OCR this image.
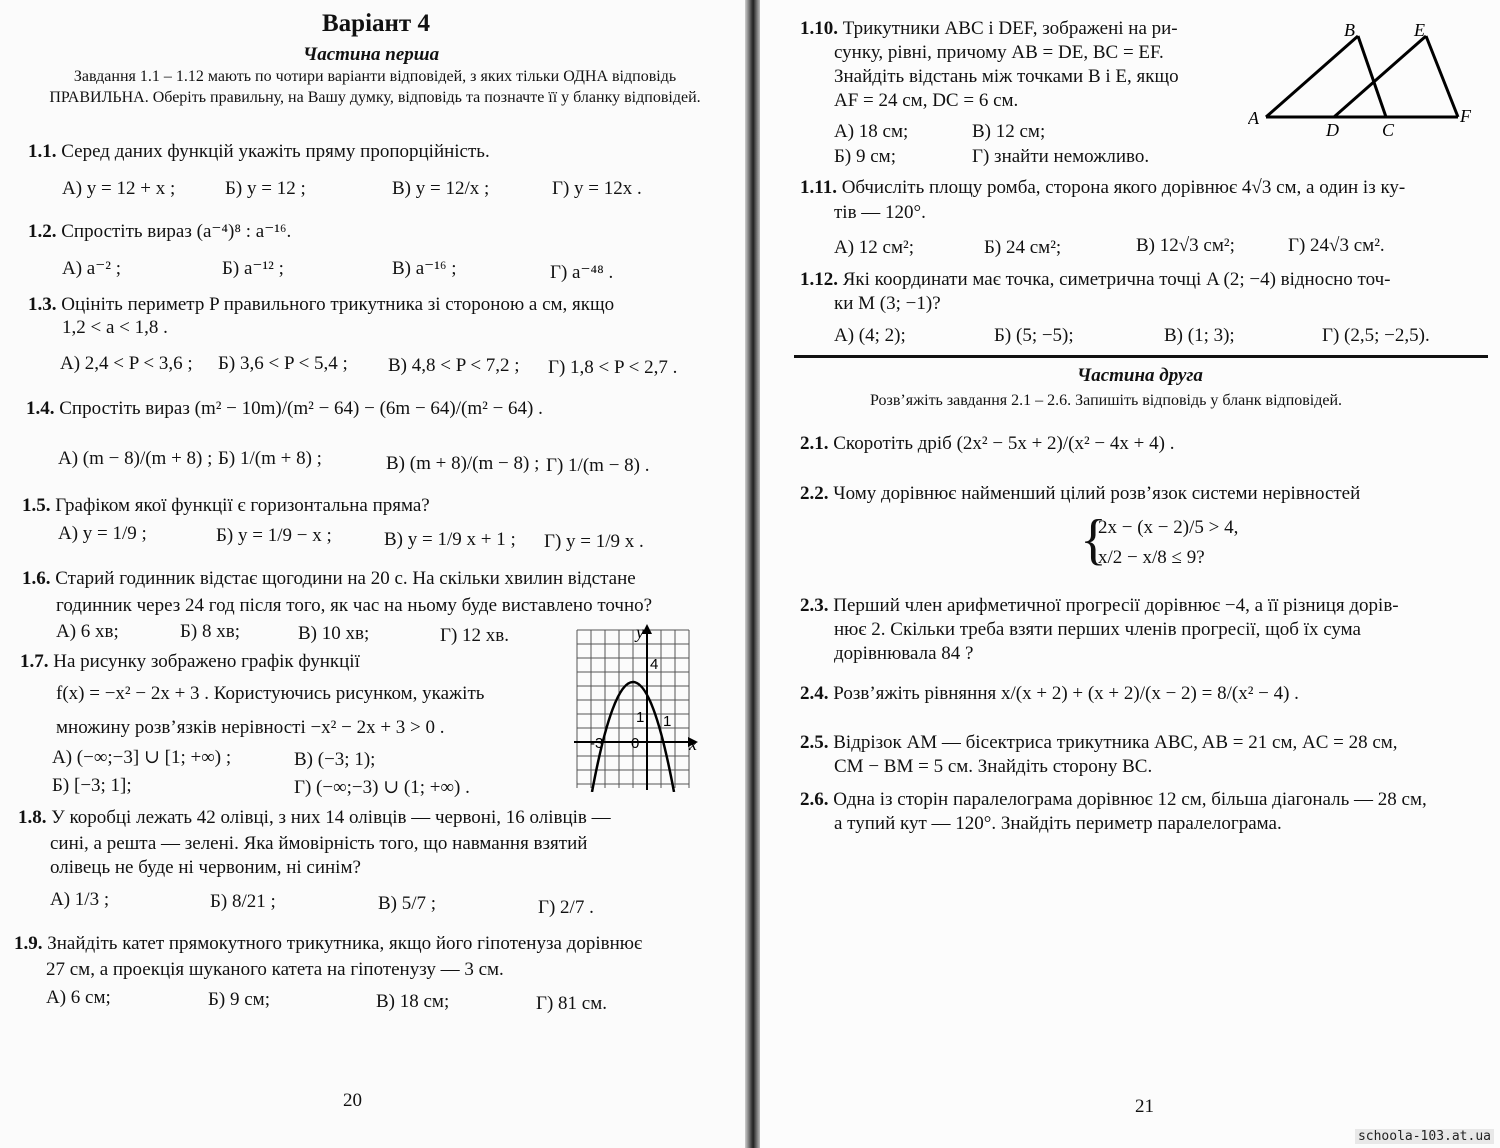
Варіант 4
Частина перша
Завдання 1.1 – 1.12 мають по чотири варіанти відповідей, з яких тільки ОДНА відповідь ПРАВИЛЬНА. Оберіть правильну, на Вашу думку, відповідь та позначте її у бланку відповідей.
1.1. Серед даних функцій укажіть пряму пропорційність.
А) y = 12 + x ;	Б) y = 12 ;	В) y = 12/x ;	Г) y = 12x .
1.2. Спростіть вираз (a⁻⁴)⁸ : a⁻¹⁶.
А) a⁻² ;	Б) a⁻¹² ;	В) a⁻¹⁶ ;	Г) a⁻⁴⁸ .
1.3. Оцініть периметр P правильного трикутника зі стороною a см, якщо
1,2 < a < 1,8 .
А) 2,4 < P < 3,6 ; Б) 3,6 < P < 5,4 ; В) 4,8 < P < 7,2 ; Г) 1,8 < P < 2,7 .
1.4. Спростіть вираз (m² − 10m)/(m² − 64) − (6m − 64)/(m² − 64) .
А) (m − 8)/(m + 8) ; Б) 1/(m + 8) ;	В) (m + 8)/(m − 8) ; Г) 1/(m − 8) .
1.5. Графіком якої функції є горизонтальна пряма?
А) y = 1/9 ;	Б) y = 1/9 − x ;	В) y = 1/9 x + 1 ; Г) y = 1/9 x .
1.6. Старий годинник відстає щогодини на 20 с. На скільки хвилин відстане
годинник через 24 год після того, як час на ньому буде виставлено точно?
А) 6 хв;	Б) 8 хв;	В) 10 хв;	Г) 12 хв.
1.7. На рисунку зображено графік функції
f(x) = −x² − 2x + 3 . Користуючись рисунком, укажіть
множину розв’язків нерівності −x² − 2x + 3 > 0 .
А) (−∞;−3] ∪ [1; +∞) ;	В) (−3; 1);
Б) [−3; 1];	Г) (−∞;−3) ∪ (1; +∞) .
y
x
4
1 1
-3 0
1.8. У коробці лежать 42 олівці, з них 14 олівців — червоні, 16 олівців —
сині, а решта — зелені. Яка ймовірність того, що навмання взятий
олівець не буде ні червоним, ні синім?
А) 1/3 ;	Б) 8/21 ;	В) 5/7 ;	Г) 2/7 .
1.9. Знайдіть катет прямокутного трикутника, якщо його гіпотенуза дорівнює
27 см, а проекція шуканого катета на гіпотенузу — 3 см.
А) 6 см;	Б) 9 см;	В) 18 см;	Г) 81 см.
20
1.10. Трикутники ABC і DEF, зображені на ри-
сунку, рівні, причому AB = DE, BC = EF.
Знайдіть відстань між точками B і E, якщо
AF = 24 см, DC = 6 см.
А) 18 см;	В) 12 см;
Б) 9 см;	Г) знайти неможливо.
A
B
C
D
E
F
1.11. Обчисліть площу ромба, сторона якого дорівнює 4√3 см, а один із ку-
тів — 120°.
А) 12 см²;	Б) 24 см²;	В) 12√3 см²;	Г) 24√3 см².
1.12. Які координати має точка, симетрична точці A (2; −4) відносно точ-
ки M (3; −1)?
А) (4; 2);	Б) (5; −5);	В) (1; 3);	Г) (2,5; −2,5).
Частина друга
Розв’яжіть завдання 2.1 – 2.6. Запишіть відповідь у бланк відповідей.
2.1. Скоротіть дріб (2x² − 5x + 2)/(x² − 4x + 4) .
2.2. Чому дорівнює найменший цілий розв’язок системи нерівностей
{
2x − (x − 2)/5 > 4,
x/2 − x/8 ≤ 9?
2.3. Перший член арифметичної прогресії дорівнює −4, а її різниця дорів-
нює 2. Скільки треба взяти перших членів прогресії, щоб їх сума
дорівнювала 84 ?
2.4. Розв’яжіть рівняння x/(x + 2) + (x + 2)/(x − 2) = 8/(x² − 4) .
2.5. Відрізок AM — бісектриса трикутника ABC, AB = 21 см, AC = 28 см,
CM − BM = 5 см. Знайдіть сторону BC.
2.6. Одна із сторін паралелограма дорівнює 12 см, більша діагональ — 28 см,
а тупий кут — 120°. Знайдіть периметр паралелограма.
21
schoola-103.at.ua
